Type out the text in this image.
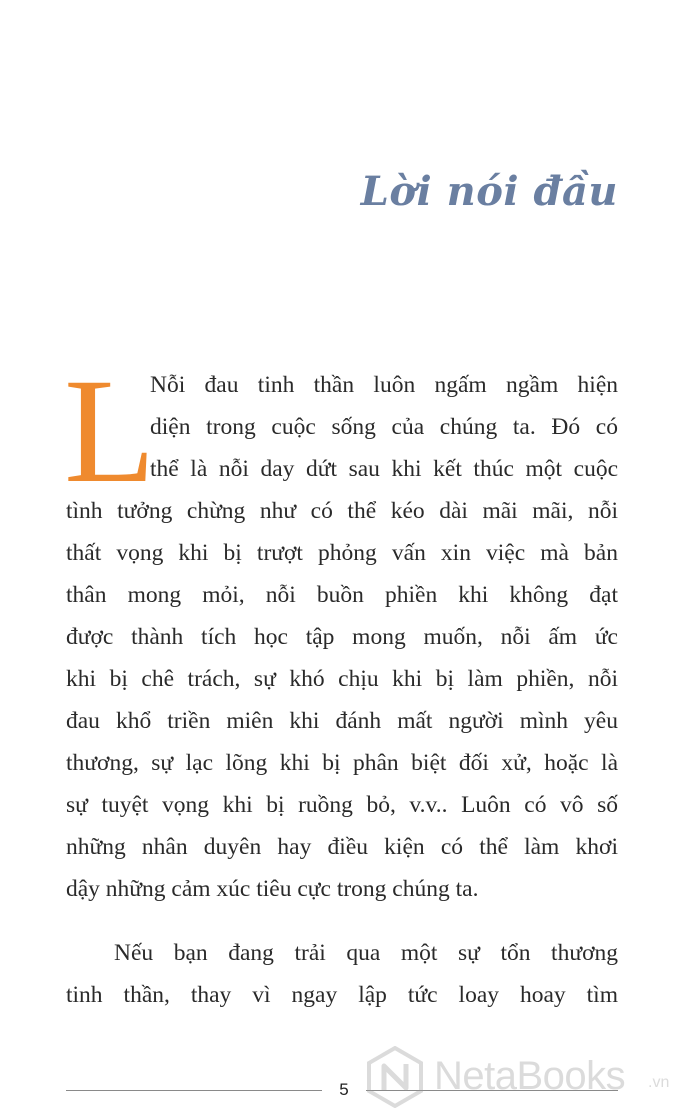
Lời nói đầu
L
Nỗi đau tinh thần luôn ngấm ngầm hiện
diện trong cuộc sống của chúng ta. Đó có
thể là nỗi day dứt sau khi kết thúc một cuộc
tình tưởng chừng như có thể kéo dài mãi mãi, nỗi
thất vọng khi bị trượt phỏng vấn xin việc mà bản
thân mong mỏi, nỗi buồn phiền khi không đạt
được thành tích học tập mong muốn, nỗi ấm ức
khi bị chê trách, sự khó chịu khi bị làm phiền, nỗi
đau khổ triền miên khi đánh mất người mình yêu
thương, sự lạc lõng khi bị phân biệt đối xử, hoặc là
sự tuyệt vọng khi bị ruồng bỏ, v.v.. Luôn có vô số
những nhân duyên hay điều kiện có thể làm khơi
dậy những cảm xúc tiêu cực trong chúng ta.
Nếu bạn đang trải qua một sự tổn thương
tinh thần, thay vì ngay lập tức loay hoay tìm
5 NetaBooks .vn
